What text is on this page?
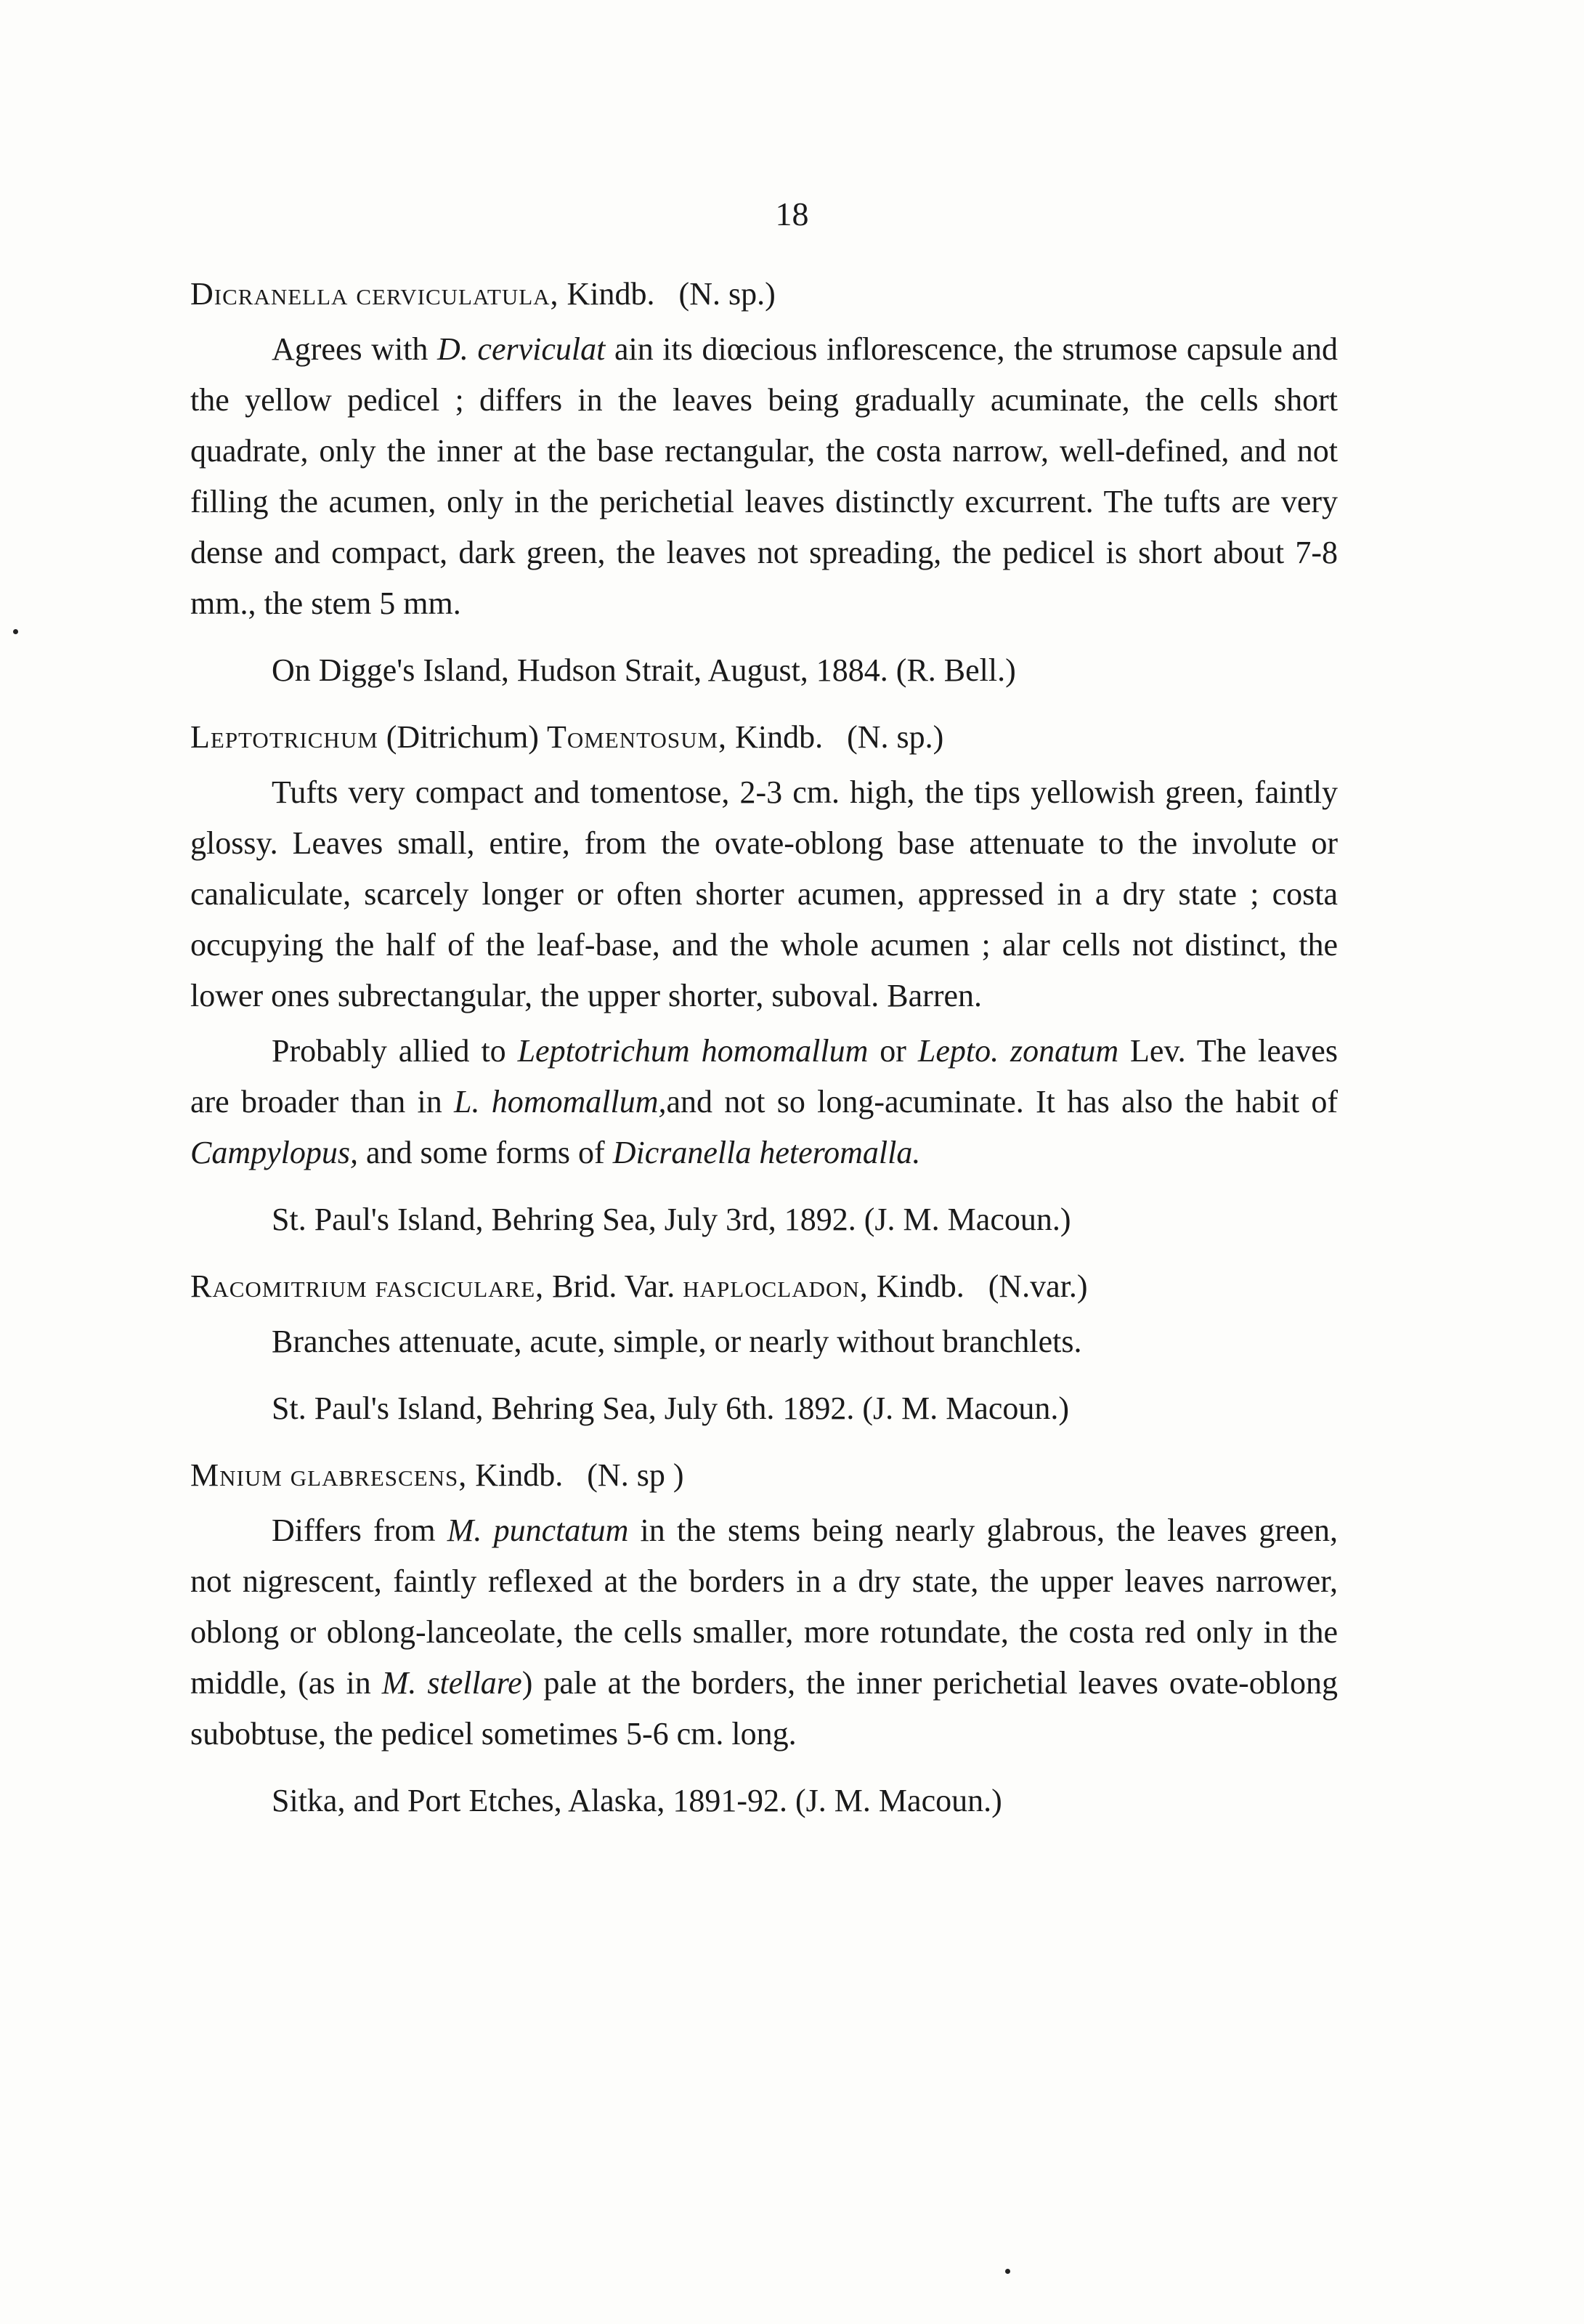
18
Dicranella cerviculatula, Kindb. (N. sp.)
Agrees with D. cerviculat ain its diœcious inflorescence, the strumose capsule and the yellow pedicel ; differs in the leaves being gradually acuminate, the cells short quadrate, only the inner at the base rectangular, the costa narrow, well-defined, and not filling the acumen, only in the perichetial leaves distinctly excurrent. The tufts are very dense and compact, dark green, the leaves not spreading, the pedicel is short about 7-8 mm., the stem 5 mm.
On Digge's Island, Hudson Strait, August, 1884. (R. Bell.)
Leptotrichum (Ditrichum) Tomentosum, Kindb. (N. sp.)
Tufts very compact and tomentose, 2-3 cm. high, the tips yellowish green, faintly glossy. Leaves small, entire, from the ovate-oblong base attenuate to the involute or canaliculate, scarcely longer or often shorter acumen, appressed in a dry state ; costa occupying the half of the leaf-base, and the whole acumen ; alar cells not distinct, the lower ones subrectangular, the upper shorter, suboval. Barren.
Probably allied to Leptotrichum homomallum or Lepto. zonatum Lev. The leaves are broader than in L. homomallum,and not so long-acuminate. It has also the habit of Campylopus, and some forms of Dicranella heteromalla.
St. Paul's Island, Behring Sea, July 3rd, 1892. (J. M. Macoun.)
Racomitrium fasciculare, Brid. Var. haplocladon, Kindb. (N.var.)
Branches attenuate, acute, simple, or nearly without branchlets.
St. Paul's Island, Behring Sea, July 6th. 1892. (J. M. Macoun.)
Mnium glabrescens, Kindb. (N. sp )
Differs from M. punctatum in the stems being nearly glabrous, the leaves green, not nigrescent, faintly reflexed at the borders in a dry state, the upper leaves narrower, oblong or oblong-lanceolate, the cells smaller, more rotundate, the costa red only in the middle, (as in M. stellare) pale at the borders, the inner perichetial leaves ovate-oblong subobtuse, the pedicel sometimes 5-6 cm. long.
Sitka, and Port Etches, Alaska, 1891-92. (J. M. Macoun.)
